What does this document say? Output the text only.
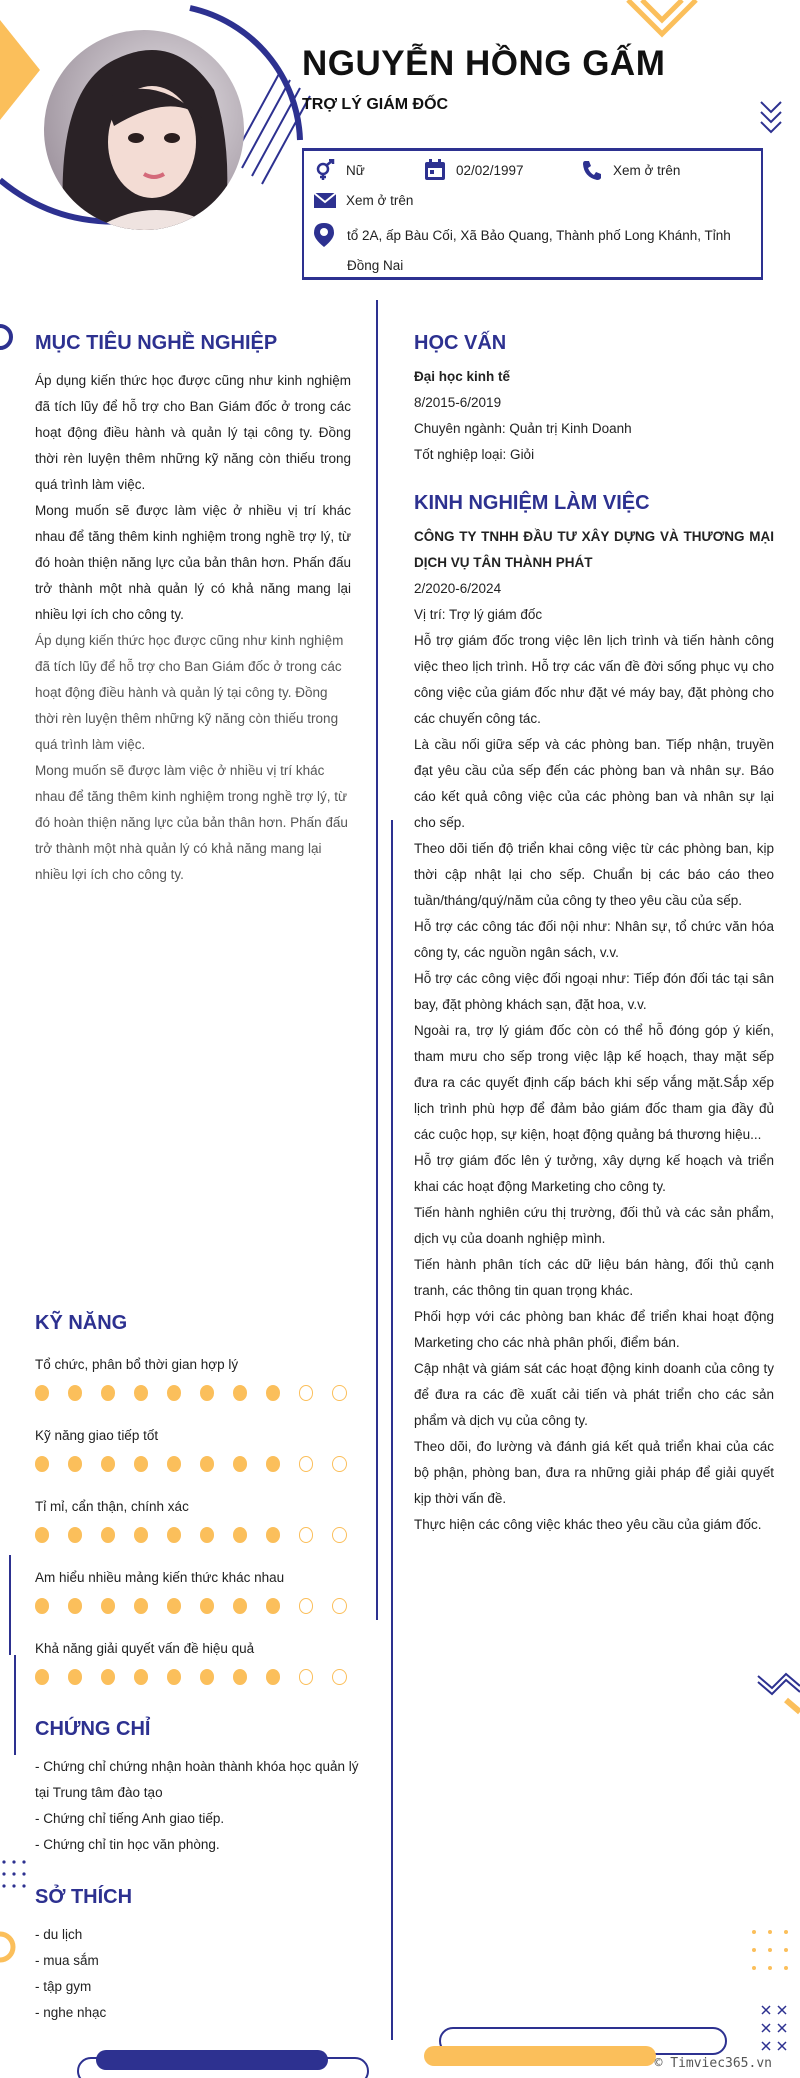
NGUYỄN HỒNG GẤM
TRỢ LÝ GIÁM ĐỐC
Nữ	02/02/1997	Xem ở trên
Xem ở trên
tổ 2A, ấp Bàu Cối, Xã Bảo Quang, Thành phố Long Khánh, Tỉnh Đồng Nai
MỤC TIÊU NGHỀ NGHIỆP

Áp dụng kiến thức học được cũng như kinh nghiệm đã tích lũy để hỗ trợ cho Ban Giám đốc ở trong các hoạt động điều hành và quản lý tại công ty. Đồng thời rèn luyện thêm những kỹ năng còn thiếu trong quá trình làm việc.

Mong muốn sẽ được làm việc ở nhiều vị trí khác nhau để tăng thêm kinh nghiệm trong nghề trợ lý, từ đó hoàn thiện năng lực của bản thân hơn. Phấn đấu trở thành một nhà quản lý có khả năng mang lại nhiều lợi ích cho công ty.

Áp dụng kiến thức học được cũng như kinh nghiệm đã tích lũy để hỗ trợ cho Ban Giám đốc ở trong các hoạt động điều hành và quản lý tại công ty. Đồng thời rèn luyện thêm những kỹ năng còn thiếu trong quá trình làm việc.

Mong muốn sẽ được làm việc ở nhiều vị trí khác nhau để tăng thêm kinh nghiệm trong nghề trợ lý, từ đó hoàn thiện năng lực của bản thân hơn. Phấn đấu trở thành một nhà quản lý có khả năng mang lại nhiều lợi ích cho công ty.

KỸ NĂNG
Tổ chức, phân bổ thời gian hợp lý
Kỹ năng giao tiếp tốt
Tỉ mỉ, cẩn thận, chính xác
Am hiểu nhiều mảng kiến thức khác nhau
Khả năng giải quyết vấn đề hiệu quả
CHỨNG CHỈ
- Chứng chỉ chứng nhận hoàn thành khóa học quản lý tại Trung tâm đào tạo
- Chứng chỉ tiếng Anh giao tiếp.
- Chứng chỉ tin học văn phòng.
SỞ THÍCH
- du lịch
- mua sắm
- tập gym
- nghe nhạc
HỌC VẤN

Đại học kinh tế

8/2015-6/2019

Chuyên ngành: Quản trị Kinh Doanh

Tốt nghiệp loại: Giỏi

KINH NGHIỆM LÀM VIỆC

CÔNG TY TNHH ĐẦU TƯ XÂY DỰNG VÀ THƯƠNG MẠI DỊCH VỤ TÂN THÀNH PHÁT

2/2020-6/2024

Vị trí: Trợ lý giám đốc

Hỗ trợ giám đốc trong việc lên lịch trình và tiến hành công việc theo lịch trình. Hỗ trợ các vấn đề đời sống phục vụ cho công việc của giám đốc như đặt vé máy bay, đặt phòng cho các chuyến công tác.

Là cầu nối giữa sếp và các phòng ban. Tiếp nhận, truyền đạt yêu cầu của sếp đến các phòng ban và nhân sự. Báo cáo kết quả công việc của các phòng ban và nhân sự lại cho sếp.

Theo dõi tiến độ triển khai công việc từ các phòng ban, kịp thời cập nhật lại cho sếp. Chuẩn bị các báo cáo theo tuần/tháng/quý/năm của công ty theo yêu cầu của sếp.

Hỗ trợ các công tác đối nội như: Nhân sự, tổ chức văn hóa công ty, các nguồn ngân sách, v.v.

Hỗ trợ các công việc đối ngoại như: Tiếp đón đối tác tại sân bay, đặt phòng khách sạn, đặt hoa, v.v.

Ngoài ra, trợ lý giám đốc còn có thể hỗ đóng góp ý kiến, tham mưu cho sếp trong việc lập kế hoạch, thay mặt sếp đưa ra các quyết định cấp bách khi sếp vắng mặt.Sắp xếp lịch trình phù hợp để đảm bảo giám đốc tham gia đầy đủ các cuộc họp, sự kiện, hoạt động quảng bá thương hiệu...

Hỗ trợ giám đốc lên ý tưởng, xây dựng kế hoạch và triển khai các hoạt động Marketing cho công ty.

Tiến hành nghiên cứu thị trường, đối thủ và các sản phẩm, dịch vụ của doanh nghiệp mình.

Tiến hành phân tích các dữ liệu bán hàng, đối thủ cạnh tranh, các thông tin quan trọng khác.

Phối hợp với các phòng ban khác để triển khai hoạt động Marketing cho các nhà phân phối, điểm bán.

Cập nhật và giám sát các hoạt động kinh doanh của công ty để đưa ra các đề xuất cải tiến và phát triển cho các sản phẩm và dịch vụ của công ty.

Theo dõi, đo lường và đánh giá kết quả triển khai của các bộ phận, phòng ban, đưa ra những giải pháp để giải quyết kịp thời vấn đề.

Thực hiện các công việc khác theo yêu cầu của giám đốc.

© Timviec365.vn
